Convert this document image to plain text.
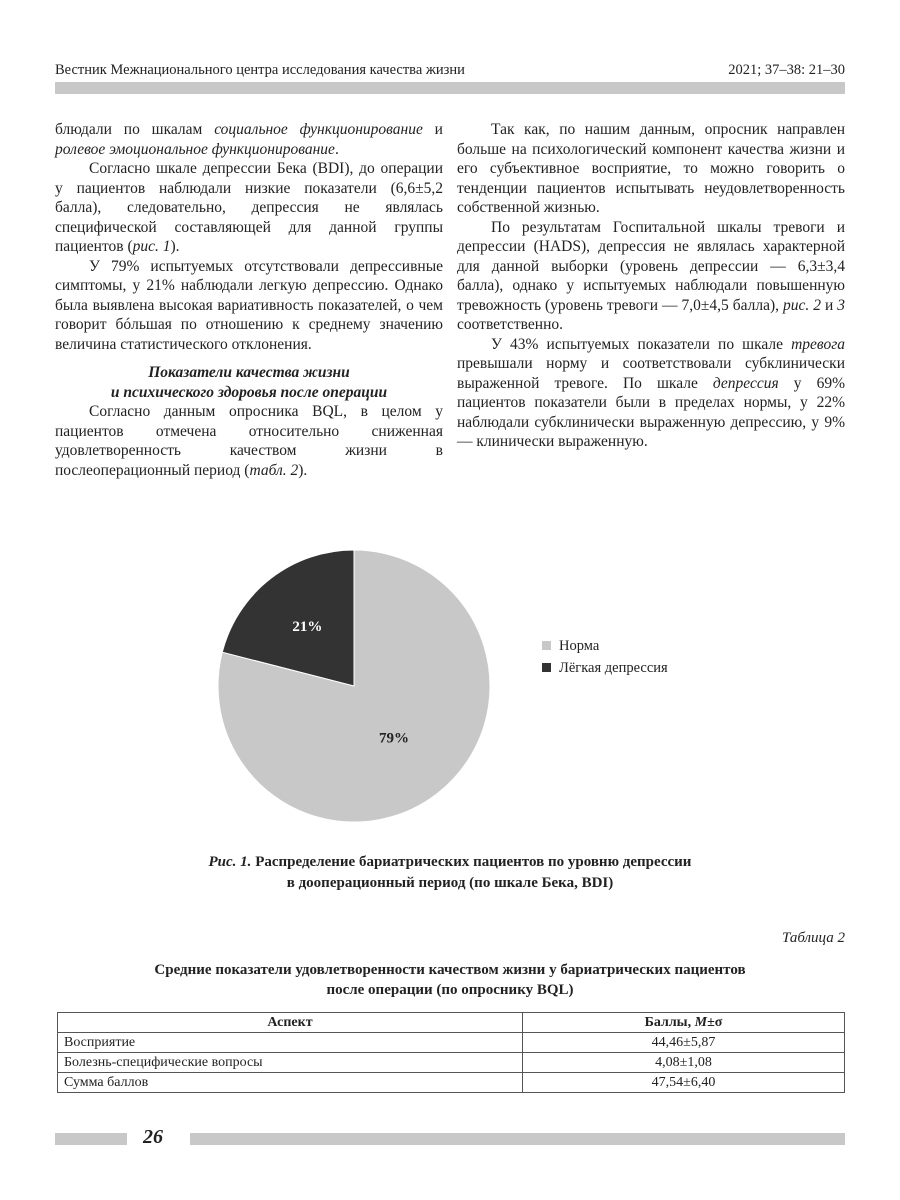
Вестник Межнационального центра исследования качества жизни	2021; 37–38: 21–30

блюдали по шкалам социальное функционирование и ролевое эмоциональное функционирование.

Согласно шкале депрессии Бека (BDI), до операции у пациентов наблюдали низкие показатели (6,6±5,2 балла), следовательно, депрессия не являлась специфической составляющей для данной группы пациентов (рис. 1).

У 79% испытуемых отсутствовали депрессивные симптомы, у 21% наблюдали легкую депрессию. Однако была выявлена высокая вариативность показателей, о чем говорит бóльшая по отношению к среднему значению величина статистического отклонения.

Показатели качества жизни
и психического здоровья после операции

Согласно данным опросника BQL, в целом у пациентов отмечена относительно сниженная удовлетворенность качеством жизни в послеоперационный период (табл. 2).

Так как, по нашим данным, опросник направлен больше на психологический компонент качества жизни и его субъективное восприятие, то можно говорить о тенденции пациентов испытывать неудовлетворенность собственной жизнью.

По результатам Госпитальной шкалы тревоги и депрессии (HADS), депрессия не являлась характерной для данной выборки (уровень депрессии — 6,3±3,4 балла), однако у испытуемых наблюдали повышенную тревожность (уровень тревоги — 7,0±4,5 балла), рис. 2 и 3 соответственно.

У 43% испытуемых показатели по шкале тревога превышали норму и соответствовали субклинически выраженной тревоге. По шкале депрессия у 69% пациентов показатели были в пределах нормы, у 22% наблюдали субклинически выраженную депрессию, у 9% — клинически выраженную.

79%
21%
Норма
Лёгкая депрессия
Рис. 1. Распределение бариатрических пациентов по уровню депрессии
в дооперационный период (по шкале Бека, BDI)
Таблица 2
Средние показатели удовлетворенности качеством жизни у бариатрических пациентов
после операции (по опроснику BQL)
Аспект	Баллы, M±σ
Восприятие	44,46±5,87
Болезнь-специфические вопросы	4,08±1,08
Сумма баллов	47,54±6,40
26
